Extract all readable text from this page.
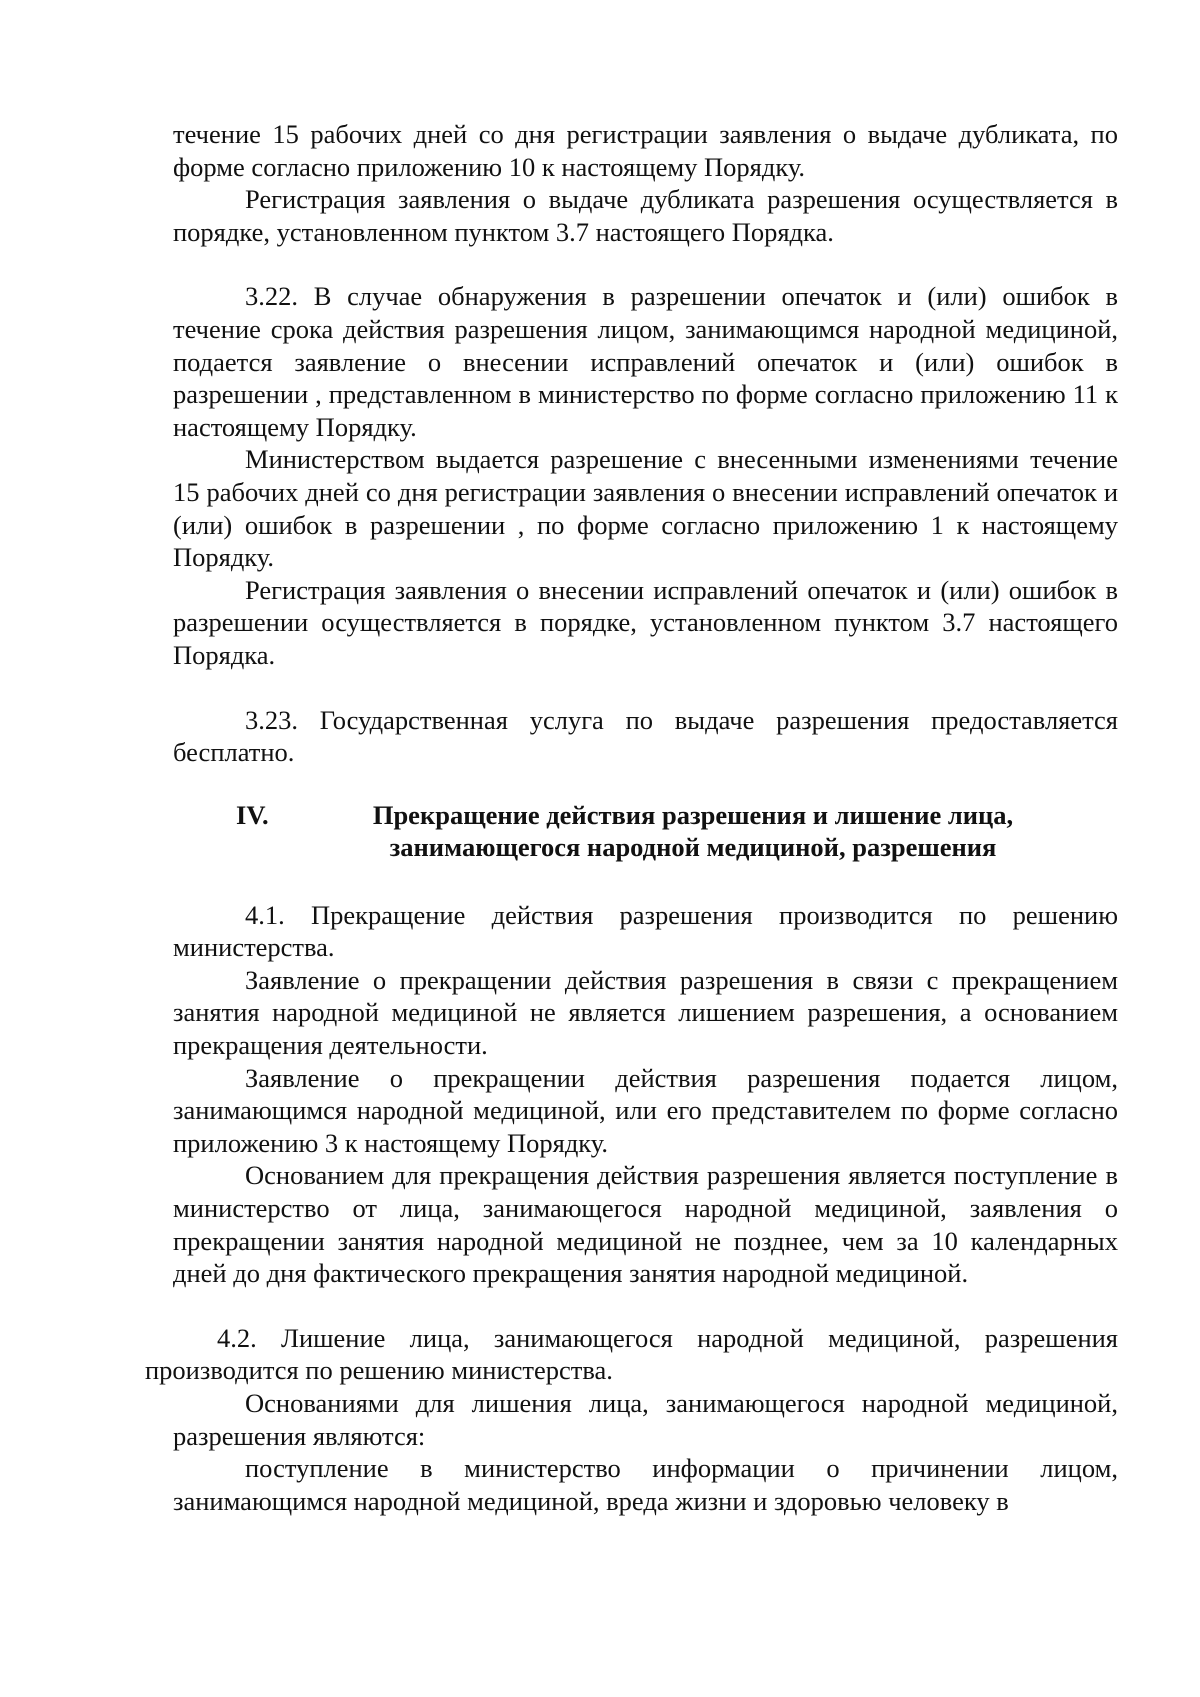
течение 15 рабочих дней со дня регистрации заявления о выдаче дубликата, по форме согласно приложению 10 к настоящему Порядку.

Регистрация заявления о выдаче дубликата разрешения осуществляется в порядке, установленном пунктом 3.7 настоящего Порядка.

3.22. В случае обнаружения в разрешении опечаток и (или) ошибок в течение срока действия разрешения лицом, занимающимся народной медициной, подается заявление о внесении исправлений опечаток и (или) ошибок в разрешении , представленном в министерство по форме согласно приложению 11 к настоящему Порядку.

Министерством выдается разрешение с внесенными изменениями течение 15 рабочих дней со дня регистрации заявления о внесении исправлений опечаток и (или) ошибок в разрешении , по форме согласно приложению 1 к настоящему Порядку.

Регистрация заявления о внесении исправлений опечаток и (или) ошибок в разрешении осуществляется в порядке, установленном пунктом 3.7 настоящего Порядка.

3.23. Государственная услуга по выдаче разрешения предоставляется бесплатно.

IV.	Прекращение действия разрешения и лишение лица,
занимающегося народной медициной, разрешения

4.1. Прекращение действия разрешения производится по решению министерства.

Заявление о прекращении действия разрешения в связи с прекращением занятия народной медициной не является лишением разрешения, а основанием прекращения деятельности.

Заявление о прекращении действия разрешения подается лицом, занимающимся народной медициной, или его представителем по форме согласно приложению 3 к настоящему Порядку.

Основанием для прекращения действия разрешения является поступление в министерство от лица, занимающегося народной медициной, заявления о прекращении занятия народной медициной не позднее, чем за 10 календарных дней до дня фактического прекращения занятия народной медициной.

4.2. Лишение лица, занимающегося народной медициной, разрешения производится по решению министерства.

Основаниями для лишения лица, занимающегося народной медициной, разрешения являются:

поступление в министерство информации о причинении лицом, занимающимся народной медициной, вреда жизни и здоровью человеку в
